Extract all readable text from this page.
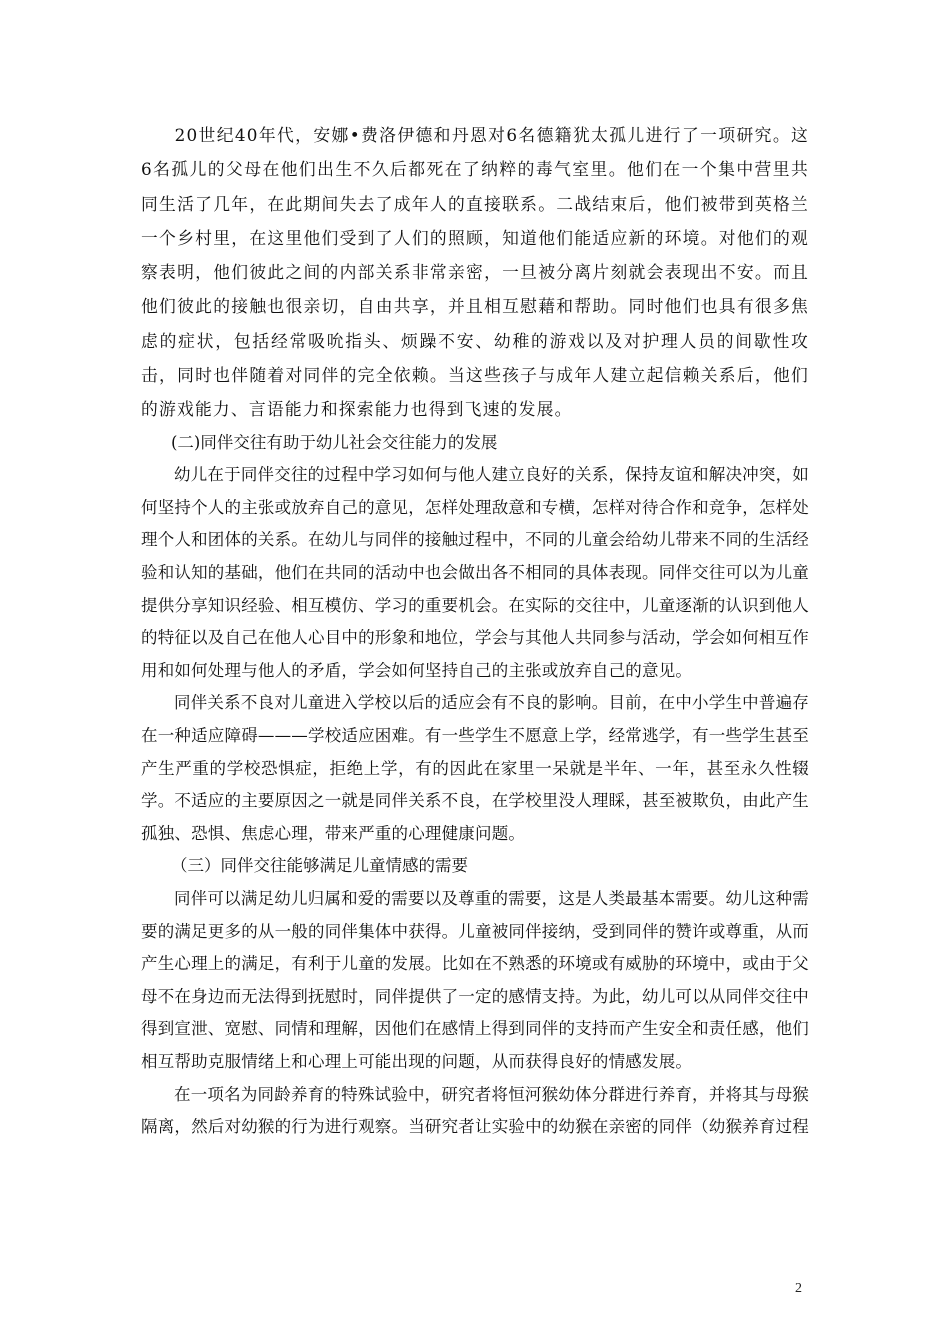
20世纪40年代，安娜•费洛伊德和丹恩对6名德籍犹太孤儿进行了一项研究。这6名孤儿的父母在他们出生不久后都死在了纳粹的毒气室里。他们在一个集中营里共同生活了几年，在此期间失去了成年人的直接联系。二战结束后，他们被带到英格兰一个乡村里，在这里他们受到了人们的照顾，知道他们能适应新的环境。对他们的观察表明，他们彼此之间的内部关系非常亲密，一旦被分离片刻就会表现出不安。而且他们彼此的接触也很亲切，自由共享，并且相互慰藉和帮助。同时他们也具有很多焦虑的症状，包括经常吸吮指头、烦躁不安、幼稚的游戏以及对护理人员的间歇性攻击，同时也伴随着对同伴的完全依赖。当这些孩子与成年人建立起信赖关系后，他们的游戏能力、言语能力和探索能力也得到飞速的发展。

(二)同伴交往有助于幼儿社会交往能力的发展

幼儿在于同伴交往的过程中学习如何与他人建立良好的关系，保持友谊和解决冲突，如何坚持个人的主张或放弃自己的意见，怎样处理敌意和专横，怎样对待合作和竞争，怎样处理个人和团体的关系。在幼儿与同伴的接触过程中，不同的儿童会给幼儿带来不同的生活经验和认知的基础，他们在共同的活动中也会做出各不相同的具体表现。同伴交往可以为儿童提供分享知识经验、相互模仿、学习的重要机会。在实际的交往中，儿童逐渐的认识到他人的特征以及自己在他人心目中的形象和地位，学会与其他人共同参与活动，学会如何相互作用和如何处理与他人的矛盾，学会如何坚持自己的主张或放弃自己的意见。

同伴关系不良对儿童进入学校以后的适应会有不良的影响。目前，在中小学生中普遍存在一种适应障碍———学校适应困难。有一些学生不愿意上学，经常逃学，有一些学生甚至产生严重的学校恐惧症，拒绝上学，有的因此在家里一呆就是半年、一年，甚至永久性辍学。不适应的主要原因之一就是同伴关系不良，在学校里没人理睬，甚至被欺负，由此产生孤独、恐惧、焦虑心理，带来严重的心理健康问题。

（三）同伴交往能够满足儿童情感的需要

同伴可以满足幼儿归属和爱的需要以及尊重的需要，这是人类最基本需要。幼儿这种需要的满足更多的从一般的同伴集体中获得。儿童被同伴接纳，受到同伴的赞许或尊重，从而产生心理上的满足，有利于儿童的发展。比如在不熟悉的环境或有威胁的环境中，或由于父母不在身边而无法得到抚慰时，同伴提供了一定的感情支持。为此，幼儿可以从同伴交往中得到宣泄、宽慰、同情和理解，因他们在感情上得到同伴的支持而产生安全和责任感，他们相互帮助克服情绪上和心理上可能出现的问题，从而获得良好的情感发展。

在一项名为同龄养育的特殊试验中，研究者将恒河猴幼体分群进行养育，并将其与母猴隔离，然后对幼猴的行为进行观察。当研究者让实验中的幼猴在亲密的同伴（幼猴养育过程

2
